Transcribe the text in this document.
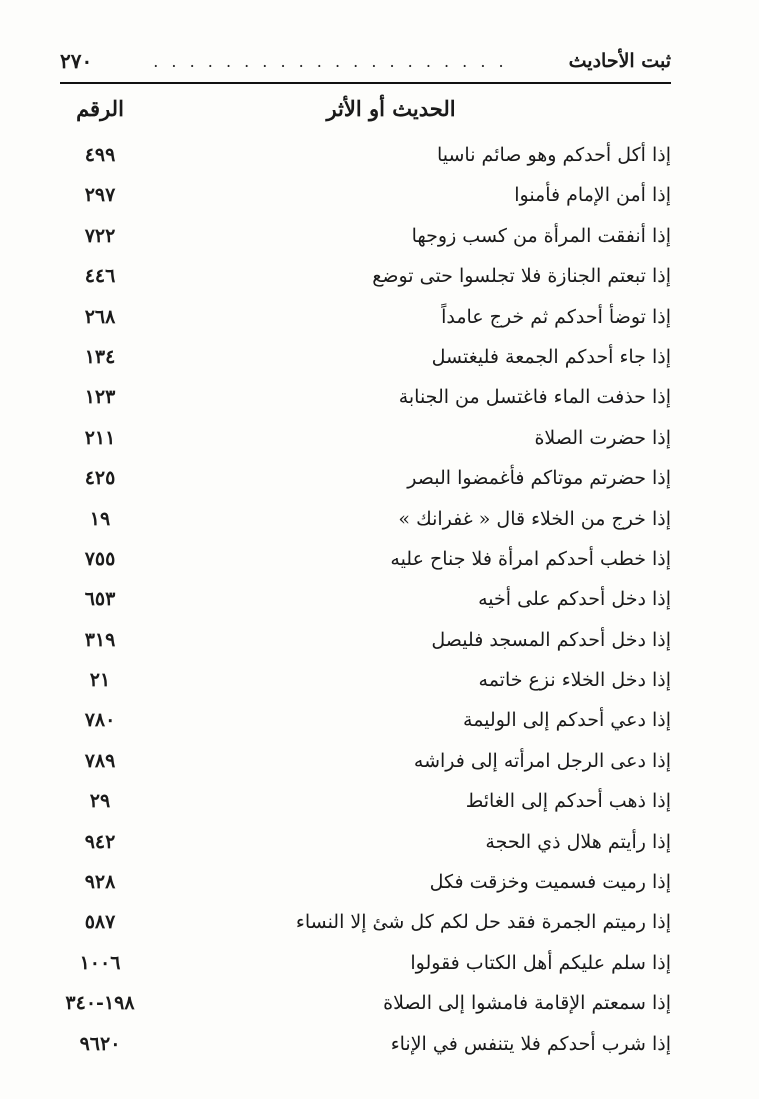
ثبت الأحاديث
. . . . . . . . . . . . . . . . . . . .
٢٧٠
الحديث أو الأثر
الرقم
إذا أكل أحدكم وهو صائم ناسيا
٤٩٩
إذا أمن الإمام فأمنوا
٢٩٧
إذا أنفقت المرأة من كسب زوجها
٧٢٢
إذا تبعتم الجنازة فلا تجلسوا حتى توضع
٤٤٦
إذا توضأ أحدكم ثم خرج عامداً
٢٦٨
إذا جاء أحدكم الجمعة فليغتسل
١٣٤
إذا حذفت الماء فاغتسل من الجنابة
١٢٣
إذا حضرت الصلاة
٢١١
إذا حضرتم موتاكم فأغمضوا البصر
٤٢٥
إذا خرج من الخلاء قال « غفرانك »
١٩
إذا خطب أحدكم امرأة فلا جناح عليه
٧٥٥
إذا دخل أحدكم على أخيه
٦٥٣
إذا دخل أحدكم المسجد فليصل
٣١٩
إذا دخل الخلاء نزع خاتمه
٢١
إذا دعي أحدكم إلى الوليمة
٧٨٠
إذا دعى الرجل امرأته إلى فراشه
٧٨٩
إذا ذهب أحدكم إلى الغائط
٢٩
إذا رأيتم هلال ذي الحجة
٩٤٢
إذا رميت فسميت وخزقت فكل
٩٢٨
إذا رميتم الجمرة فقد حل لكم كل شئ إلا النساء
٥٨٧
إذا سلم عليكم أهل الكتاب فقولوا
١٠٠٦
إذا سمعتم الإقامة فامشوا إلى الصلاة
١٩٨-٣٤٠
إذا شرب أحدكم فلا يتنفس في الإناء
٩٦٢٠
